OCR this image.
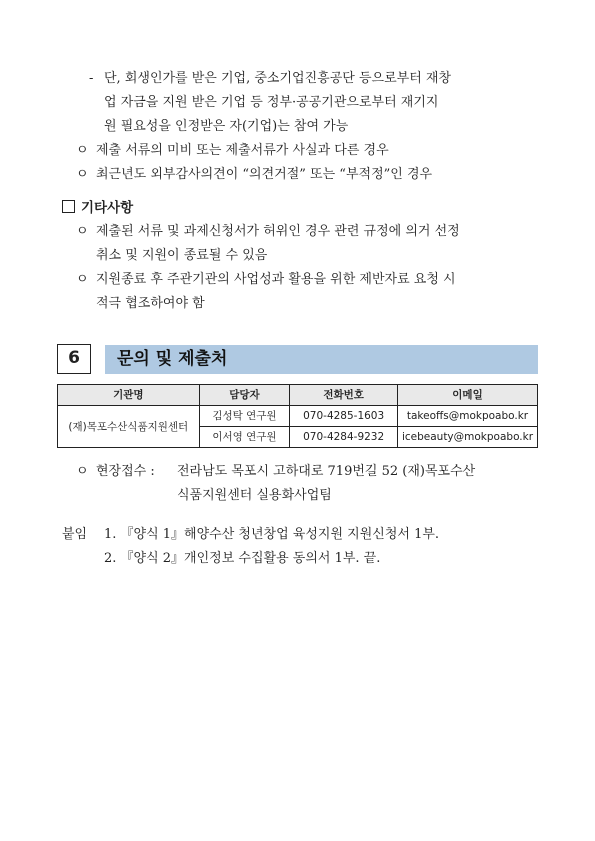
- 단, 회생인가를 받은 기업, 중소기업진흥공단 등으로부터 재창
업 자금을 지원 받은 기업 등 정부·공공기관으로부터 재기지
원 필요성을 인정받은 자(기업)는 참여 가능
ㅇ 제출 서류의 미비 또는 제출서류가 사실과 다른 경우
ㅇ 최근년도 외부감사의견이 “의견거절” 또는 “부적정”인 경우
기타사항
ㅇ 제출된 서류 및 과제신청서가 허위인 경우 관련 규정에 의거 선정
취소 및 지원이 종료될 수 있음
ㅇ 지원종료 후 주관기관의 사업성과 활용을 위한 제반자료 요청 시
적극 협조하여야 함
6	문의 및 제출처
기관명	담당자	전화번호	이메일
(재)목포수산식품지원센터	김성탁 연구원	070-4285-1603	takeoffs@mokpoabo.kr
	이서영 연구원	070-4284-9232	icebeauty@mokpoabo.kr
ㅇ 현장접수 : 전라남도 목포시 고하대로 719번길 52 (재)목포수산
식품지원센터 실용화사업팀
붙임 1. 『양식 1』해양수산 청년창업 육성지원 지원신청서 1부.
2. 『양식 2』개인정보 수집활용 동의서 1부. 끝.
